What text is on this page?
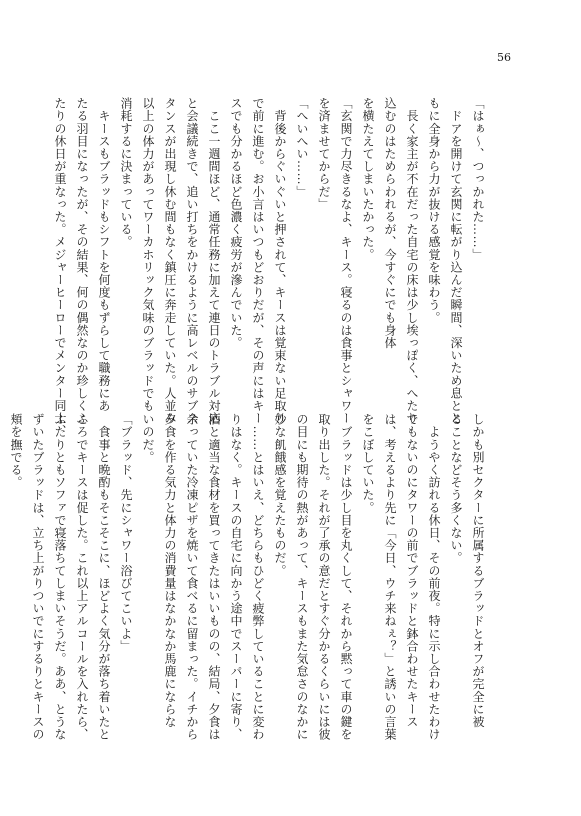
56
「はぁ〜、つっかれた……」
　ドアを開けて玄関に転がり込んだ瞬間、深いため息とと
もに全身から力が抜ける感覚を味わう。
　長く家主が不在だった自宅の床は少し埃っぽく、へたり
込むのはためらわれるが、今すぐにでも身体
を横たえてしまいたかった。
「玄関で力尽きるなよ、キース。寝るのは食事とシャワー
を済ませてからだ」
「へいへい……」
　背後からぐいぐいと押されて、キースは覚束ない足取り
で前に進む。お小言はいつもどおりだが、その声にはキー
スでも分かるほど色濃く疲労が滲んでいた。
　ここ一週間ほど、通常任務に加えて連日のトラブル対応
と会議続きで、追い打ちをかけるように高レベルのサブス
タンスが出現し休む間もなく鎮圧に奔走していた。人並み
以上の体力があってワーカホリック気味のブラッドでも
消耗するに決まっている。
　キースもブラッドもシフトを何度もずらして職務にあ
たる羽目になったが、その結果、何の偶然なのか珍しくふ
たりの休日が重なった。メジャーヒーローでメンター同士、
しかも別セクターに所属するブラッドとオフが完全に被
ることなどそう多くない。
　ようやく訪れる休日、その前夜。特に示し合わせたわけ
でもないのにタワーの前でブラッドと鉢合わせたキース
は、考えるより先に「今日、ウチ来ねぇ？」と誘いの言葉
をこぼしていた。
　ブラッドは少し目を丸くして、それから黙って車の鍵を
取り出した。それが了承の意だとすぐ分かるくらいには彼
の目にも期待の熱があって、キースもまた気怠さのなかに
妙な飢餓感を覚えたものだ。
　……とはいえ、どちらもひどく疲弊していることに変わ
りはなく。キースの自宅に向かう途中でスーパーに寄り、
酒と適当な食材を買ってきたはいいものの、結局、夕食は
余っていた冷凍ピザを焼いて食べるに留まった。イチから
夕食を作る気力と体力の消費量はなかなか馬鹿にならな
いのだ。
「ブラッド、先にシャワー浴びてこいよ」
　食事と晩酌もそこそこに、ほどよく気分が落ち着いたと
ころでキースは促した。これ以上アルコールを入れたら、
ふたりともソファで寝落ちてしまいそうだ。ああ、とうな
ずいたブラッドは、立ち上がりついでにするりとキースの
頬を撫でる。
